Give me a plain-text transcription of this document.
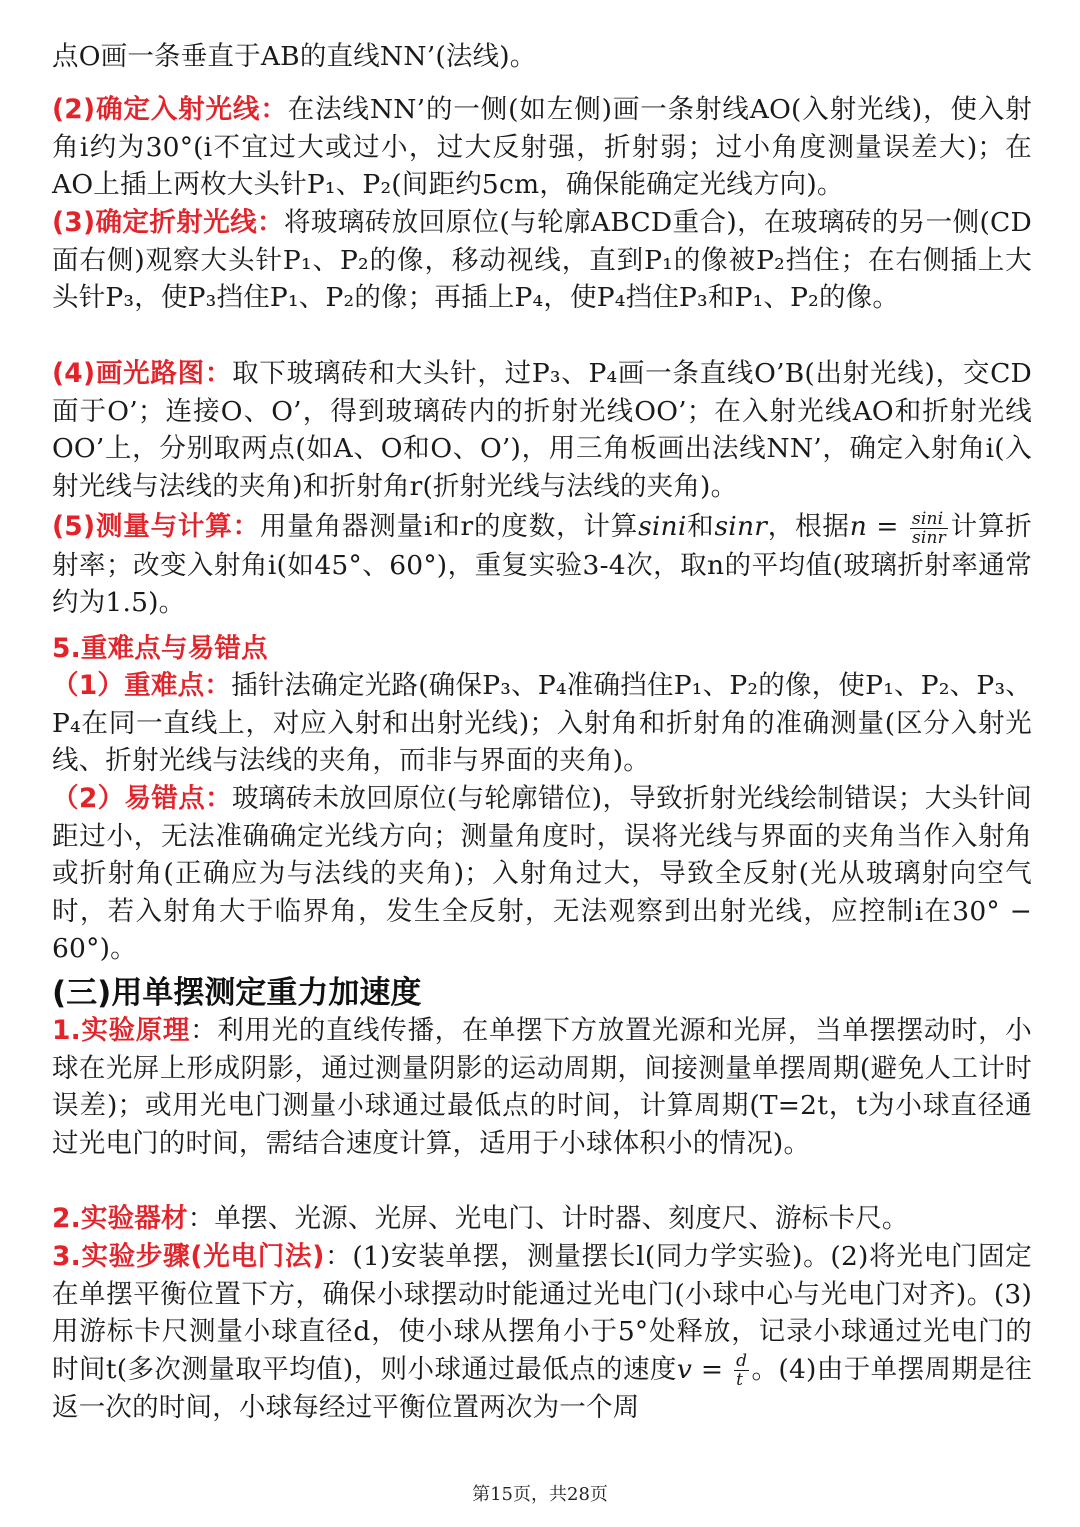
点O画一条垂直于AB的直线NN’(法线)。
(2)确定入射光线：在法线NN’的一侧(如左侧)画一条射线AO(入射光线)，使入射角i约为30°(i不宜过大或过小，过大反射强，折射弱；过小角度测量误差大)；在AO上插上两枚大头针P₁、P₂(间距约5cm，确保能确定光线方向)。
(3)确定折射光线：将玻璃砖放回原位(与轮廓ABCD重合)，在玻璃砖的另一侧(CD面右侧)观察大头针P₁、P₂的像，移动视线，直到P₁的像被P₂挡住；在右侧插上大头针P₃，使P₃挡住P₁、P₂的像；再插上P₄，使P₄挡住P₃和P₁、P₂的像。
(4)画光路图：取下玻璃砖和大头针，过P₃、P₄画一条直线O’B(出射光线)，交CD面于O’；连接O、O’，得到玻璃砖内的折射光线OO’；在入射光线AO和折射光线OO’上，分别取两点(如A、O和O、O’)，用三角板画出法线NN’，确定入射角i(入射光线与法线的夹角)和折射角r(折射光线与法线的夹角)。
(5)测量与计算：用量角器测量i和r的度数，计算sini和sinr，根据$n = \frac{\sin i}{\sin r}$ 计算折射率；改变入射角i(如45°、60°)，重复实验3-4次，取n的平均值(玻璃折射率通常约为1.5)。
5.重难点与易错点
（1）重难点：插针法确定光路(确保P₃、P₄准确挡住P₁、P₂的像，使P₁、P₂、P₃、P₄在同一直线上，对应入射和出射光线)；入射角和折射角的准确测量(区分入射光线、折射光线与法线的夹角，而非与界面的夹角)。
（2）易错点：玻璃砖未放回原位(与轮廓错位)，导致折射光线绘制错误；大头针间距过小，无法准确确定光线方向；测量角度时，误将光线与界面的夹角当作入射角或折射角(正确应为与法线的夹角)；入射角过大，导致全反射(光从玻璃射向空气时，若入射角大于临界角，发生全反射，无法观察到出射光线，应控制i在30° − 60°)。
(三)用单摆测定重力加速度
1.实验原理：利用光的直线传播，在单摆下方放置光源和光屏，当单摆摆动时，小球在光屏上形成阴影，通过测量阴影的运动周期，间接测量单摆周期(避免人工计时误差)；或用光电门测量小球通过最低点的时间，计算周期(T=2t，t为小球直径通过光电门的时间，需结合速度计算，适用于小球体积小的情况)。
2.实验器材：单摆、光源、光屏、光电门、计时器、刻度尺、游标卡尺。
3.实验步骤(光电门法)：(1)安装单摆，测量摆长l(同力学实验)。(2)将光电门固定在单摆平衡位置下方，确保小球摆动时能通过光电门(小球中心与光电门对齐)。(3)用游标卡尺测量小球直径d，使小球从摆角小于5°处释放，记录小球通过光电门的时间t(多次测量取平均值)，则小球通过最低点的速度$v = \frac{d}{t}$ 。(4)由于单摆周期是往返一次的时间，小球每经过平衡位置两次为一个周
第15页，共28页
